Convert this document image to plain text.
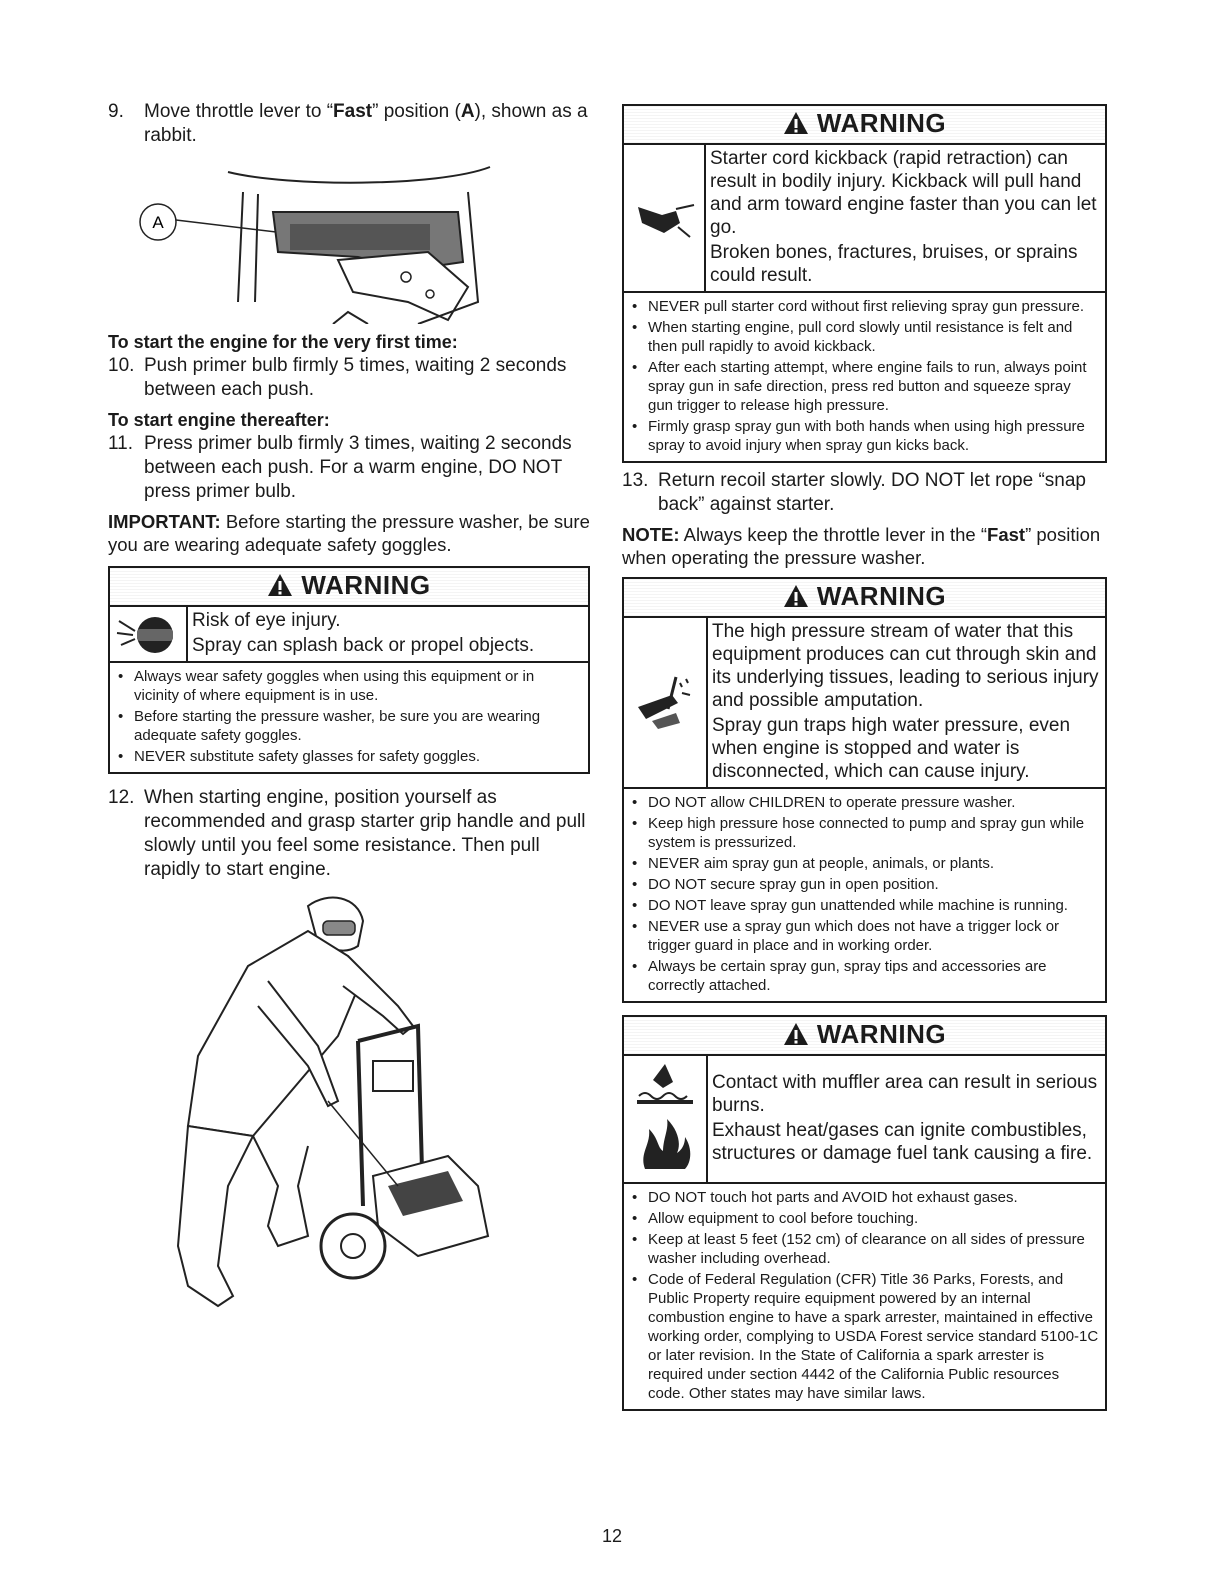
9.	Move throttle lever to “Fast” position (A), shown as a rabbit.
A
To start the engine for the very first time:
10. Push primer bulb firmly 5 times, waiting 2 seconds between each push.
To start engine thereafter:
11. Press primer bulb firmly 3 times, waiting 2 seconds between each push. For a warm engine, DO NOT press primer bulb.
IMPORTANT: Before starting the pressure washer, be sure you are wearing adequate safety goggles.
WARNING

Risk of eye injury.

Spray can splash back or propel objects.

• Always wear safety goggles when using this equipment or in vicinity of where equipment is in use.
• Before starting the pressure washer, be sure you are wearing adequate safety goggles.
• NEVER substitute safety glasses for safety goggles.
12. When starting engine, position yourself as recommended and grasp starter grip handle and pull slowly until you feel some resistance. Then pull rapidly to start engine.
WARNING

Starter cord kickback (rapid retraction) can result in bodily injury. Kickback will pull hand and arm toward engine faster than you can let go.

Broken bones, fractures, bruises, or sprains could result.

• NEVER pull starter cord without first relieving spray gun pressure.
• When starting engine, pull cord slowly until resistance is felt and then pull rapidly to avoid kickback.
• After each starting attempt, where engine fails to run, always point spray gun in safe direction, press red button and squeeze spray gun trigger to release high pressure.
• Firmly grasp spray gun with both hands when using high pressure spray to avoid injury when spray gun kicks back.
13. Return recoil starter slowly. DO NOT let rope “snap back” against starter.
NOTE: Always keep the throttle lever in the “Fast” position when operating the pressure washer.
WARNING

The high pressure stream of water that this equipment produces can cut through skin and its underlying tissues, leading to serious injury and possible amputation.

Spray gun traps high water pressure, even when engine is stopped and water is disconnected, which can cause injury.

• DO NOT allow CHILDREN to operate pressure washer.
• Keep high pressure hose connected to pump and spray gun while system is pressurized.
• NEVER aim spray gun at people, animals, or plants.
• DO NOT secure spray gun in open position.
• DO NOT leave spray gun unattended while machine is running.
• NEVER use a spray gun which does not have a trigger lock or trigger guard in place and in working order.
• Always be certain spray gun, spray tips and accessories are correctly attached.
WARNING

Contact with muffler area can result in serious burns.

Exhaust heat/gases can ignite combustibles, structures or damage fuel tank causing a fire.

• DO NOT touch hot parts and AVOID hot exhaust gases.
• Allow equipment to cool before touching.
• Keep at least 5 feet (152 cm) of clearance on all sides of pressure washer including overhead.
• Code of Federal Regulation (CFR) Title 36 Parks, Forests, and Public Property require equipment powered by an internal combustion engine to have a spark arrester, maintained in effective working order, complying to USDA Forest service standard 5100-1C or later revision. In the State of California a spark arrester is required under section 4442 of the California Public resources code. Other states may have similar laws.
12
